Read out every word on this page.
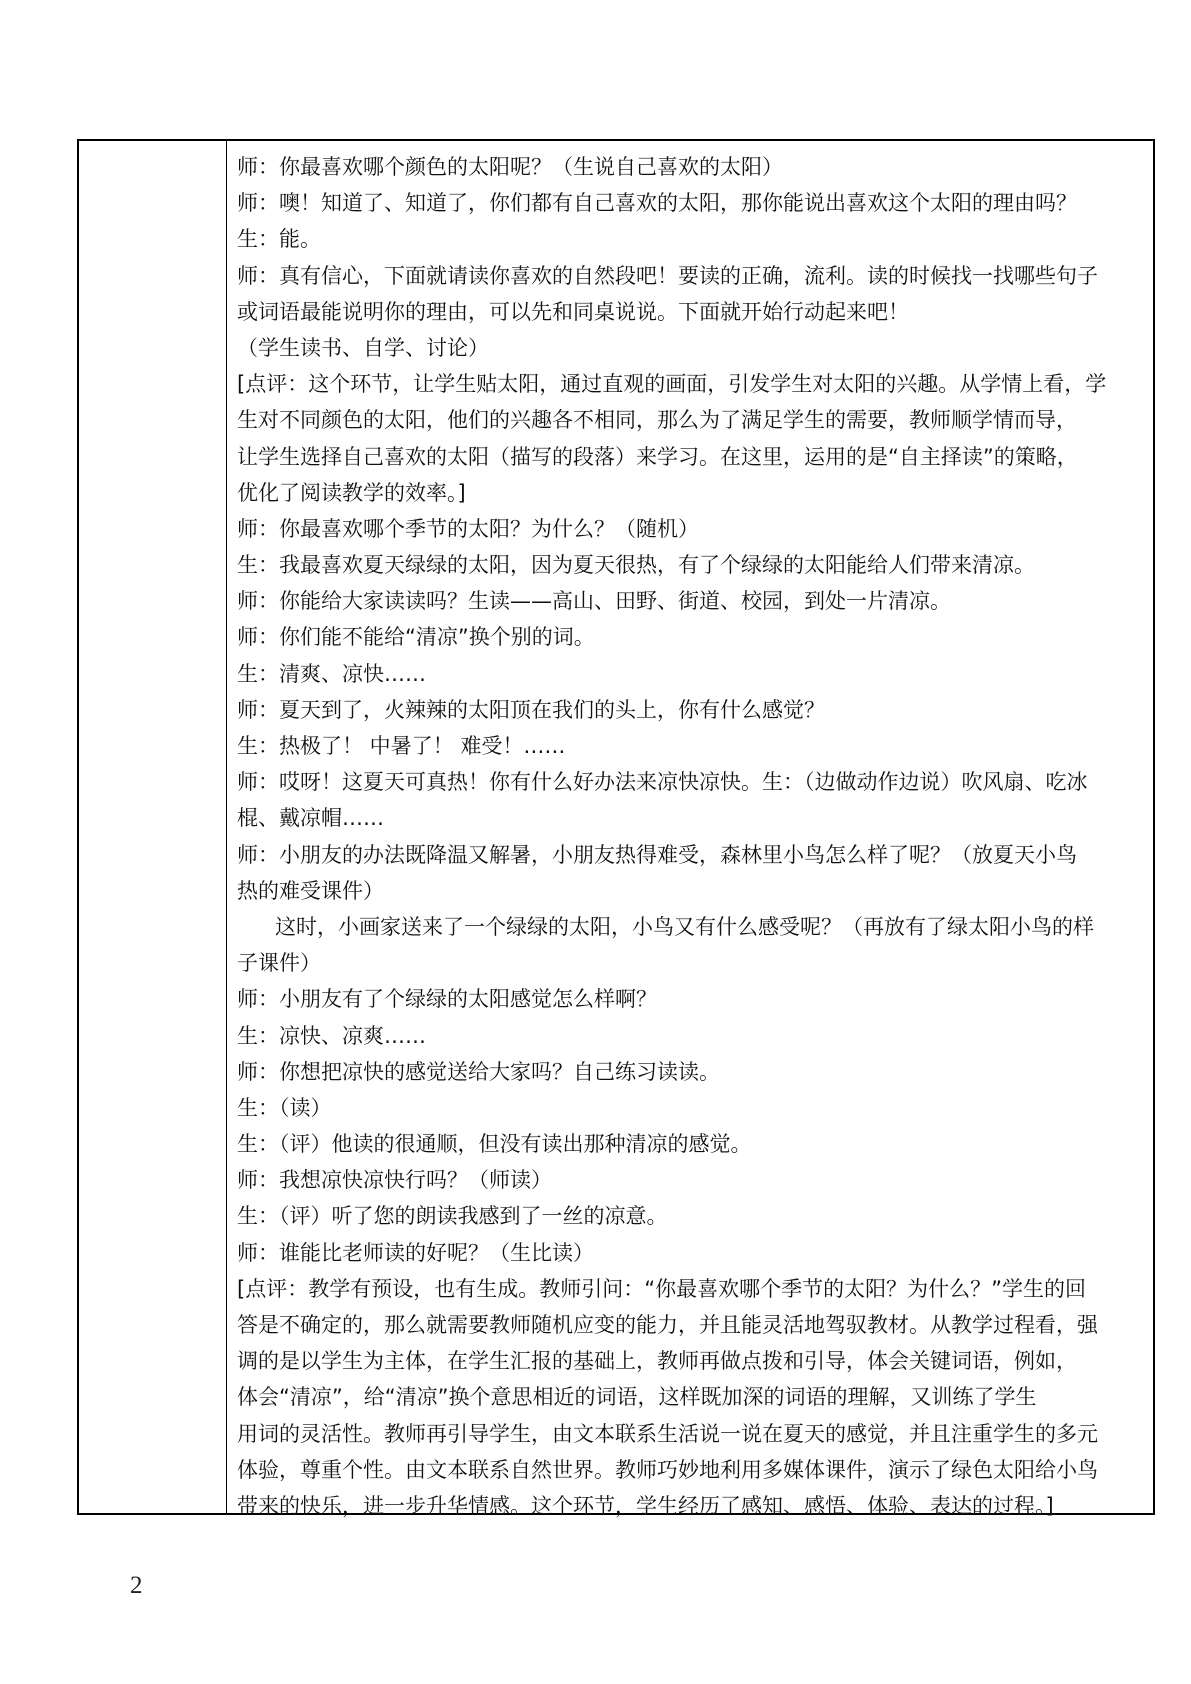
师：你最喜欢哪个颜色的太阳呢？（生说自己喜欢的太阳）
师：噢！知道了、知道了，你们都有自己喜欢的太阳，那你能说出喜欢这个太阳的理由吗？
生：能。
师：真有信心，下面就请读你喜欢的自然段吧！要读的正确，流利。读的时候找一找哪些句子
或词语最能说明你的理由，可以先和同桌说说。下面就开始行动起来吧！
（学生读书、自学、讨论）
[点评：这个环节，让学生贴太阳，通过直观的画面，引发学生对太阳的兴趣。从学情上看，学
生对不同颜色的太阳，他们的兴趣各不相同，那么为了满足学生的需要，教师顺学情而导，
让学生选择自己喜欢的太阳（描写的段落）来学习。在这里，运用的是“自主择读”的策略，
优化了阅读教学的效率。]
师：你最喜欢哪个季节的太阳？为什么？（随机）
生：我最喜欢夏天绿绿的太阳，因为夏天很热，有了个绿绿的太阳能给人们带来清凉。
师：你能给大家读读吗？生读——高山、田野、街道、校园，到处一片清凉。
师：你们能不能给“清凉”换个别的词。
生：清爽、凉快……
师：夏天到了，火辣辣的太阳顶在我们的头上，你有什么感觉？
生：热极了！ 中暑了！ 难受！……
师：哎呀！这夏天可真热！你有什么好办法来凉快凉快。生：（边做动作边说）吹风扇、吃冰
棍、戴凉帽……
师：小朋友的办法既降温又解暑，小朋友热得难受，森林里小鸟怎么样了呢？（放夏天小鸟
热的难受课件）
这时，小画家送来了一个绿绿的太阳，小鸟又有什么感受呢？（再放有了绿太阳小鸟的样
子课件）
师：小朋友有了个绿绿的太阳感觉怎么样啊？
生：凉快、凉爽……
师：你想把凉快的感觉送给大家吗？自己练习读读。
生：（读）
生：（评）他读的很通顺，但没有读出那种清凉的感觉。
师：我想凉快凉快行吗？（师读）
生：（评）听了您的朗读我感到了一丝的凉意。
师：谁能比老师读的好呢？（生比读）
[点评：教学有预设，也有生成。教师引问：“你最喜欢哪个季节的太阳？为什么？”学生的回
答是不确定的，那么就需要教师随机应变的能力，并且能灵活地驾驭教材。从教学过程看，强
调的是以学生为主体，在学生汇报的基础上，教师再做点拨和引导，体会关键词语，例如，
体会“清凉”，给“清凉”换个意思相近的词语，这样既加深的词语的理解，又训练了学生
用词的灵活性。教师再引导学生，由文本联系生活说一说在夏天的感觉，并且注重学生的多元
体验，尊重个性。由文本联系自然世界。教师巧妙地利用多媒体课件，演示了绿色太阳给小鸟
带来的快乐，进一步升华情感。这个环节，学生经历了感知、感悟、体验、表达的过程。]
2
